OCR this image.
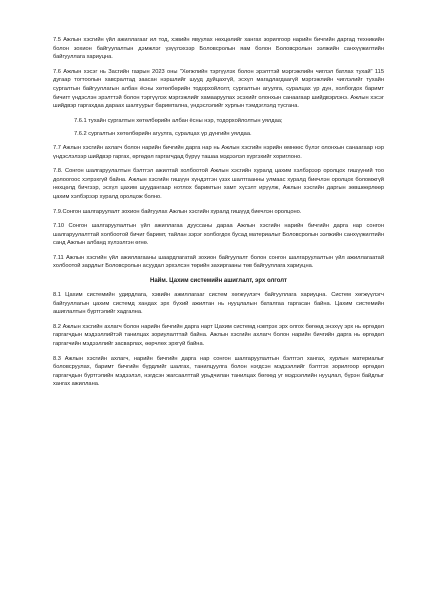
7.5 Ажлын хэсгийн үйл ажиллагааг ил тод, хэвийн явуулах нөхцөлийг хангах зорилгоор нарийн бичгийн даргад техникийн болон зохион байгуулалтын дэмжлэг үзүүлэхээр Боловсролын яам болон Боловсролын ээлжийн санхүүжилтийн байгууллага хариуцна.

7.6 Ажлын хэсэг нь Засгийн газрын 2023 оны "Хөгжлийн тэргүүлэх болон эрэлттэй мэргэжлийн чиглэл батлах тухай" 115 дугаар тогтоолын хавсралтад заасан нэршлийг шууд дуйцахгүй, эсхүл магадлагдаагүй мэргэжлийн чиглэлийг тухайн сургалтын байгууллагын албан ёсны хөтөлбөрийн тодорхойлолт, сургалтын агуулга, суралцах үр дүн, холбогдох баримт бичигт үндэслэн эрэлттэй болон тэргүүлэх мэргэжлийг хамааруулах эсэхийг олонхын санаагаар шийдвэрлэнэ. Ажлын хэсэг шийдвэр гаргахдаа дараах шалгуурыг баримтална, үндэслэлийг хурлын тэмдэглэлд тусгана.

7.6.1 тухайн сургалтын хөтөлбөрийн албан ёсны нэр, тодорхойлолтын уялдаа;

7.6.2 сургалтын хөтөлбөрийн агуулга, суралцах үр дүнгийн уялдаа.

7.7 Ажлын хэсгийн ахлагч болон нарийн бичгийн дарга нар нь Ажлын хэсгийн нэрийн өмнөөс бүлэг олонхын санаагаар нэр үндэслэлээр шийдвэр гаргах, өргөдөл гаргагчдад бүрүү ташаа мэдээлэл хүргэхийг хориглоно.

7.8. Сонгон шалгаруулалтын бэлтгэл ажилтай холбоотой Ажлын хэсгийн хуралд цахим хэлбэрээр оролцох гишүүний тоо долоогоос хэтрэхгүй байна. Ажлын хэсгийн гишүүн хүндэтгэн үзэх шалтгаанны улмаас хуралд биечлэн оролцох боломжгүй нөхцөлд бичгээр, эсхүл цахим шуудангаар нотлох баримтын хамт хүсэлт ирүүлж, Ажлын хэсгийн даргын зөвшөөрлөөр цахим хэлбэрээр хуралд оролцож болно.

7.9.Сонгон шалгаруулалт зохион байгуулах Ажлын хэсгийн хуралд гишүүд биечлэн оролцоно.

7.10 Сонгон шалгаруулалтын үйл ажиллагаа дууссаны дараа Ажлын хэсгийн нарийн бичгийн дарга нар сонгон шалгаруулалттай холбоотой бичиг баримт, тайлан зэрэг холбогдох бусад материалыг Боловсролын ээлжийн санхүүжилтийн санд Ажлын албанд хүлээлгэн өгнө.

7.11 Ажлын хэсгийн үйл ажиллагааны шаардлагатай зохион байгуулалт болон сонгон шалгаруулалтын үйл ажиллагаатай холбоотой зардлыг Боловсролын асуудал эрхэлсэн төрийн захиргааны төв байгууллага хариуцна.

Найм. Цахим системийн ашиглалт, эрх олголт

8.1 Цахим системийн удирдлага, хэвийн ажиллагааг систем хөгжүүлэгч байгууллага хариуцна. Систем хөгжүүлэгч байгууллагын цахим системд хандах эрх бүхий ажилтан нь нууцлалын баталгаа гаргасан байна. Цахим системийн ашиглалтын бүртгэлийг хадгална.

8.2 Ажлын хэсгийн ахлагч болон нарийн бичгийн дарга нарт Цахим системд нэвтрэх эрх олгох бөгөөд энэхүү эрх нь өргөдөл гаргагчдын мэдээллийтэй танилцах зориулалттай байна. Ажлын хэсгийн ахлагч болон нарийн бичгийн дарга нь өргөдөл гаргагчийн мэдээллийг засварлах, өөрчлөх эрхгүй байна.

8.3 Ажлын хэсгийн ахлагч, нарийн бичгийн дарга нар сонгон шалгаруулалтын бэлтгэл хангах, хурлын материалыг боловсруулах, баримт бичгийн бүрдлийг шалгах, танилцуулга болон нэгдсэн мэдээллийг бэлтгэх зорилгоор өргөдөл гаргагчдын бүртгэлийн мэдээлэл, нэгдсэн жагсаалттай урьдчилан танилцах бөгөөд уг мэдээллийн нууцлал, бүрэн байдлыг хангах ажиллана.
